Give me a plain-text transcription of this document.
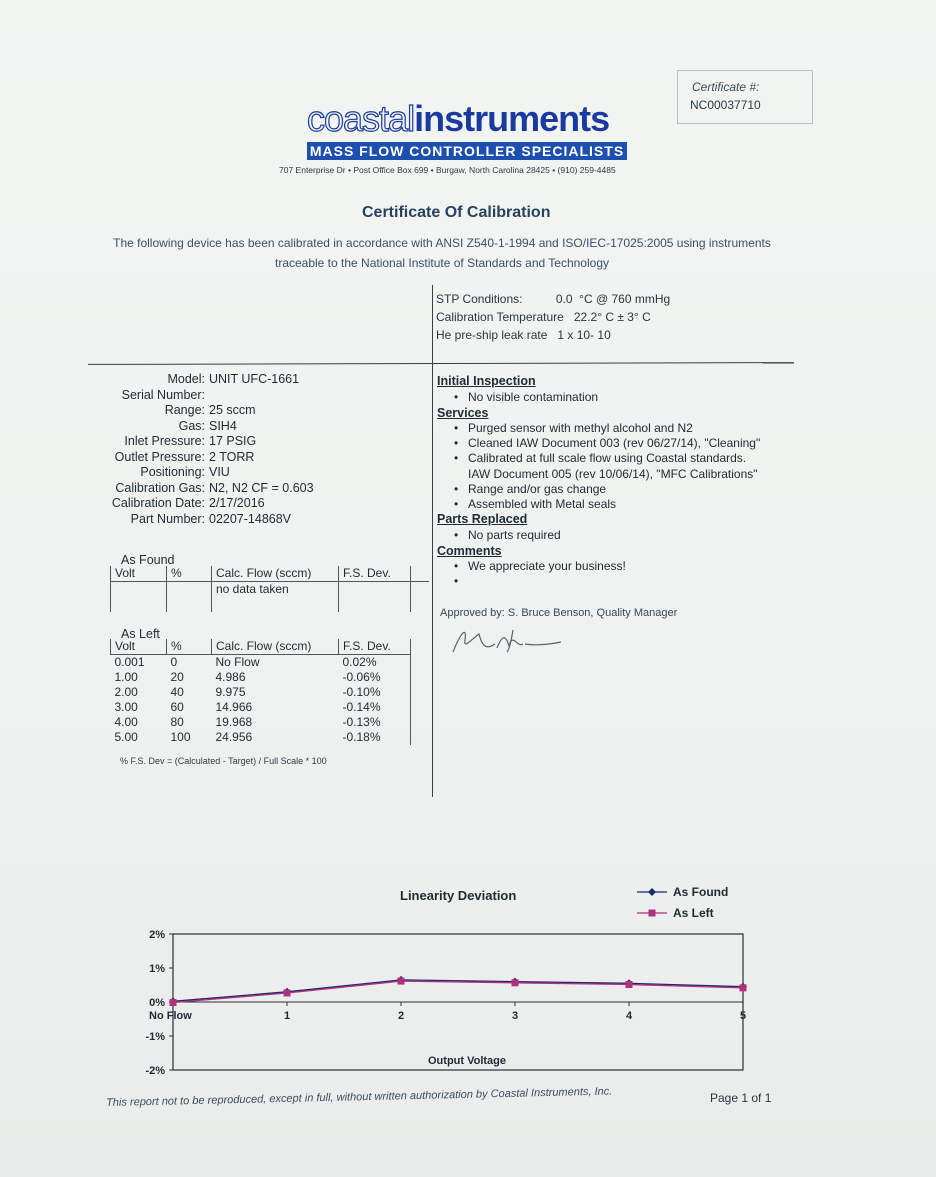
Certificate #:
NC00037710
coastalinstruments
MASS FLOW CONTROLLER SPECIALISTS
707 Enterprise Dr • Post Office Box 699 • Burgaw, North Carolina 28425 • (910) 259-4485
Certificate Of Calibration
The following device has been calibrated in accordance with ANSI Z540-1-1994 and ISO/IEC-17025:2005 using instruments traceable to the National Institute of Standards and Technology
STP Conditions:          0.0  °C @ 760 mmHg
Calibration Temperature   22.2° C ± 3° C
He pre-ship leak rate   1 x 10- 10
Model: UNIT UFC-1661
Serial Number:
Range: 25 sccm
Gas: SIH4
Inlet Pressure: 17 PSIG
Outlet Pressure: 2 TORR
Positioning: VIU
Calibration Gas: N2, N2 CF = 0.603
Calibration Date: 2/17/2016
Part Number: 02207-14868V
Initial Inspection
• No visible contamination
Services
• Purged sensor with methyl alcohol and N2
• Cleaned IAW Document 003 (rev 06/27/14), "Cleaning"
• Calibrated at full scale flow using Coastal standards.
IAW Document 005 (rev 10/06/14), "MFC Calibrations"
• Range and/or gas change
• Assembled with Metal seals
Parts Replaced
• No parts required
Comments
• We appreciate your business!
•
Approved by: S. Bruce Benson, Quality Manager
As Found
Volt	%	Calc. Flow (sccm)	F.S. Dev.	
		no data taken		
As Left
Volt	%	Calc. Flow (sccm)	F.S. Dev.
0.001	0	No Flow	0.02%
1.00	20	4.986	-0.06%
2.00	40	9.975	-0.10%
3.00	60	14.966	-0.14%
4.00	80	19.968	-0.13%
5.00	100	24.956	-0.18%
% F.S. Dev = (Calculated - Target) / Full Scale * 100
Linearity Deviation
2%
1%
0%
-1%
-2%
No Flow	1	2	3	4	5
Output Voltage
As Found
As Left
This report not to be reproduced, except in full, without written authorization by Coastal Instruments, Inc.	Page 1 of 1
